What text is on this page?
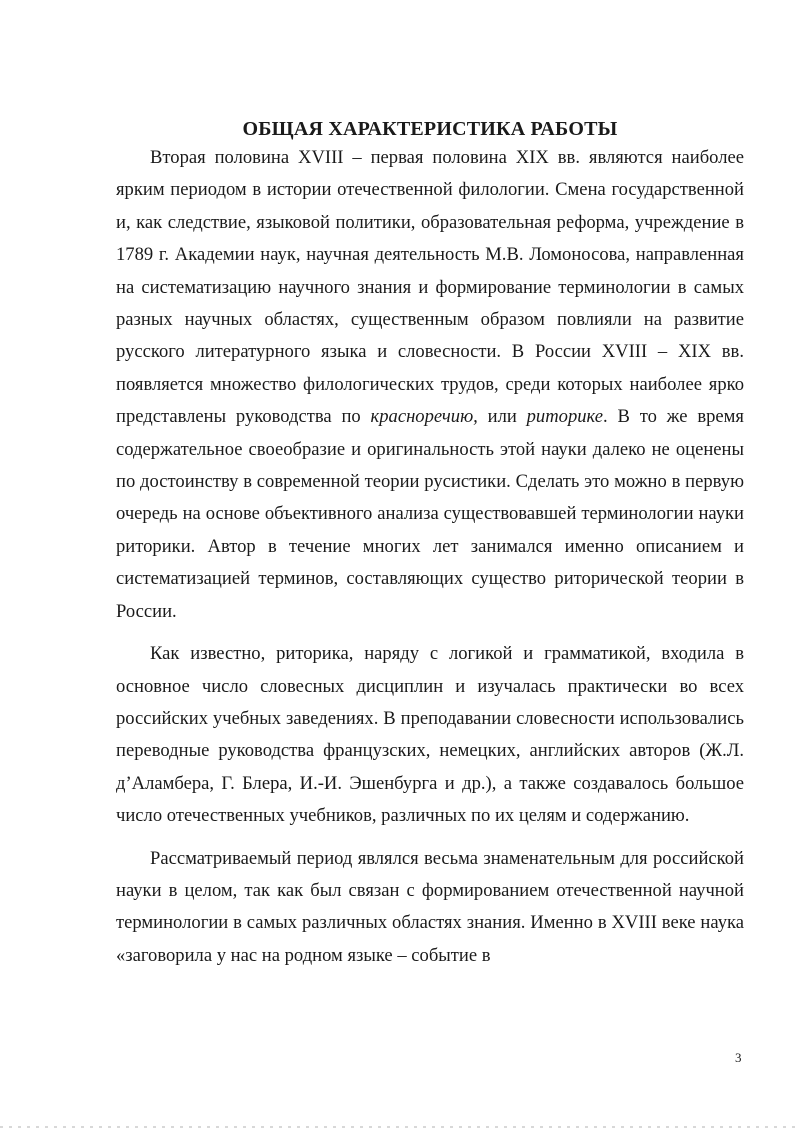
ОБЩАЯ ХАРАКТЕРИСТИКА РАБОТЫ

Вторая половина XVIII – первая половина XIX вв. являются наиболее ярким периодом в истории отечественной филологии. Смена государственной и, как следствие, языковой политики, образовательная реформа, учреждение в 1789 г. Академии наук, научная деятельность М.В. Ломоносова, направленная на систематизацию научного знания и формирование терминологии в самых разных научных областях, существенным образом повлияли на развитие русского литературного языка и словесности. В России XVIII – XIX вв. появляется множество филологических трудов, среди которых наиболее ярко представлены руководства по красноречию, или риторике. В то же время содержательное своеобразие и оригинальность этой науки далеко не оценены по достоинству в современной теории русистики. Сделать это можно в первую очередь на основе объективного анализа существовавшей терминологии науки риторики. Автор в течение многих лет занимался именно описанием и систематизацией терминов, составляющих существо риторической теории в России.

Как известно, риторика, наряду с логикой и грамматикой, входила в основное число словесных дисциплин и изучалась практически во всех российских учебных заведениях. В преподавании словесности использовались переводные руководства французских, немецких, английских авторов (Ж.Л. д’Аламбера, Г. Блера, И.-И. Эшенбурга и др.), а также создавалось большое число отечественных учебников, различных по их целям и содержанию.

Рассматриваемый период являлся весьма знаменательным для российской науки в целом, так как был связан с формированием отечественной научной терминологии в самых различных областях знания. Именно в XVIII веке наука «заговорила у нас на родном языке – событие в

3
